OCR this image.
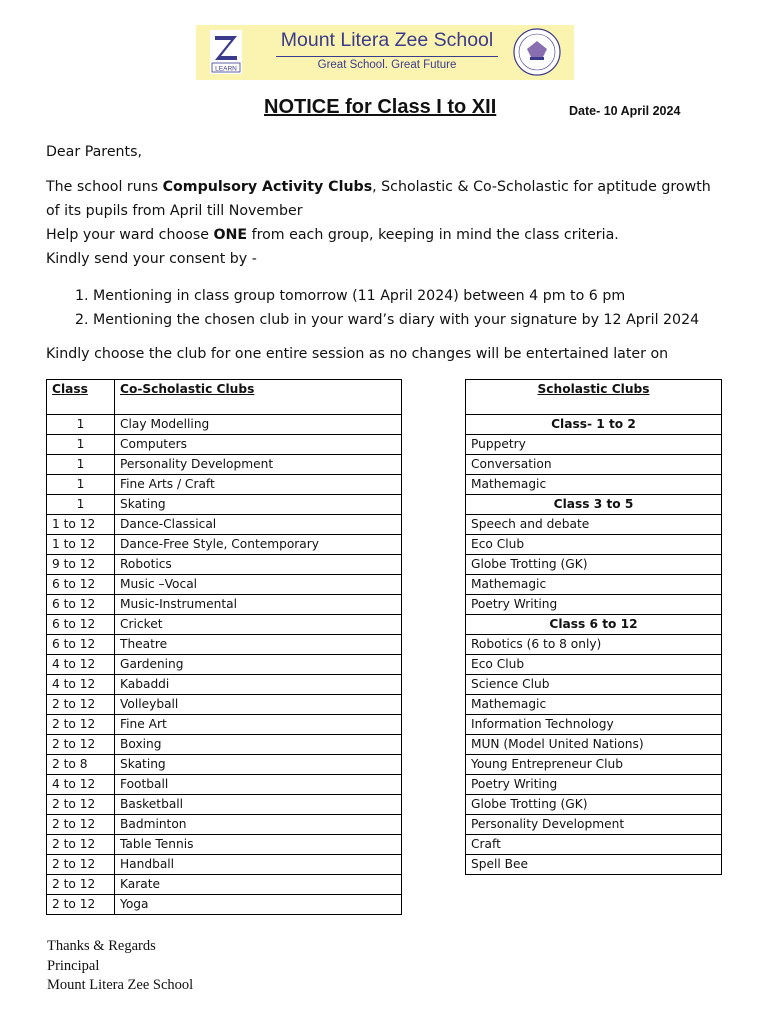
LEARN
Mount Litera Zee School
Great School. Great Future
NOTICE for Class I to XII	Date- 10 April 2024
Dear Parents,
The school runs Compulsory Activity Clubs, Scholastic & Co-Scholastic for aptitude growth
of its pupils from April till November
Help your ward choose ONE from each group, keeping in mind the class criteria.
Kindly send your consent by -
1. Mentioning in class group tomorrow (11 April 2024) between 4 pm to 6 pm
2. Mentioning the chosen club in your ward’s diary with your signature by 12 April 2024
Kindly choose the club for one entire session as no changes will be entertained later on
Class	Co-Scholastic Clubs
1	Clay Modelling
1	Computers
1	Personality Development
1	Fine Arts / Craft
1	Skating
1 to 12	Dance-Classical
1 to 12	Dance-Free Style, Contemporary
9 to 12	Robotics
6 to 12	Music –Vocal
6 to 12	Music-Instrumental
6 to 12	Cricket
6 to 12	Theatre
4 to 12	Gardening
4 to 12	Kabaddi
2 to 12	Volleyball
2 to 12	Fine Art
2 to 12	Boxing
2 to 8	Skating
4 to 12	Football
2 to 12	Basketball
2 to 12	Badminton
2 to 12	Table Tennis
2 to 12	Handball
2 to 12	Karate
2 to 12	Yoga
Scholastic Clubs
Class- 1 to 2
Puppetry
Conversation
Mathemagic
Class 3 to 5
Speech and debate
Eco Club
Globe Trotting (GK)
Mathemagic
Poetry Writing
Class 6 to 12
Robotics (6 to 8 only)
Eco Club
Science Club
Mathemagic
Information Technology
MUN (Model United Nations)
Young Entrepreneur Club
Poetry Writing
Globe Trotting (GK)
Personality Development
Craft
Spell Bee
Thanks & Regards
Principal
Mount Litera Zee School
